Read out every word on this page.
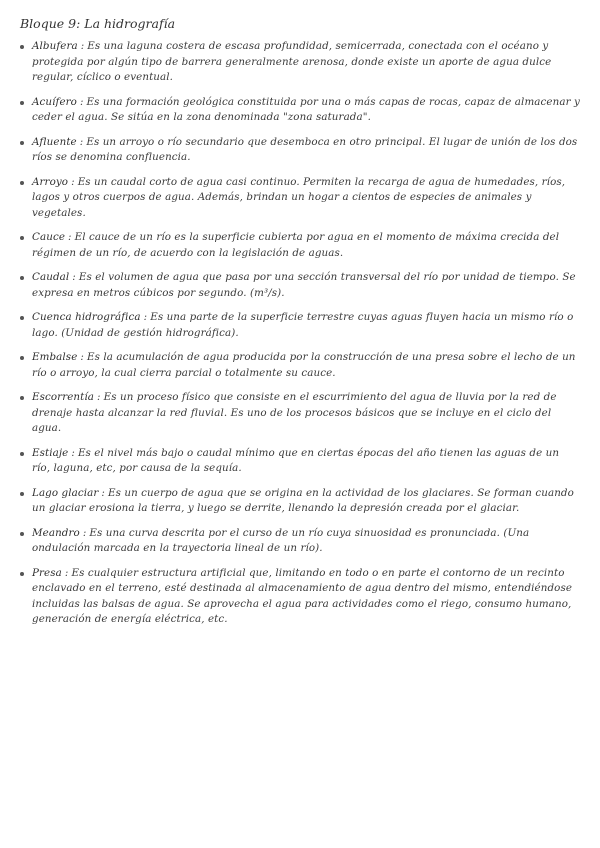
Bloque 9: La hidrografía
Albufera : Es una laguna costera de escasa profundidad, semicerrada, conectada con el océano y protegida por algún tipo de barrera generalmente arenosa, donde existe un aporte de agua dulce regular, cíclico o eventual.
Acuífero : Es una formación geológica constituida por una o más capas de rocas, capaz de almacenar y ceder el agua. Se sitúa en la zona denominada "zona saturada".
Afluente : Es un arroyo o río secundario que desemboca en otro principal. El lugar de unión de los dos ríos se denomina confluencia.
Arroyo : Es un caudal corto de agua casi continuo. Permiten la recarga de agua de humedades, ríos, lagos y otros cuerpos de agua. Además, brindan un hogar a cientos de especies de animales y vegetales.
Cauce : El cauce de un río es la superficie cubierta por agua en el momento de máxima crecida del régimen de un río, de acuerdo con la legislación de aguas.
Caudal : Es el volumen de agua que pasa por una sección transversal del río por unidad de tiempo. Se expresa en metros cúbicos por segundo. (m³/s).
Cuenca hidrográfica : Es una parte de la superficie terrestre cuyas aguas fluyen hacia un mismo río o lago. (Unidad de gestión hidrográfica).
Embalse : Es la acumulación de agua producida por la construcción de una presa sobre el lecho de un río o arroyo, la cual cierra parcial o totalmente su cauce.
Escorrentía : Es un proceso físico que consiste en el escurrimiento del agua de lluvia por la red de drenaje hasta alcanzar la red fluvial. Es uno de los procesos básicos que se incluye en el ciclo del agua.
Estiaje : Es el nivel más bajo o caudal mínimo que en ciertas épocas del año tienen las aguas de un río, laguna, etc, por causa de la sequía.
Lago glaciar : Es un cuerpo de agua que se origina en la actividad de los glaciares. Se forman cuando un glaciar erosiona la tierra, y luego se derrite, llenando la depresión creada por el glaciar.
Meandro : Es una curva descrita por el curso de un río cuya sinuosidad es pronunciada. (Una ondulación marcada en la trayectoria lineal de un río).
Presa : Es cualquier estructura artificial que, limitando en todo o en parte el contorno de un recinto enclavado en el terreno, esté destinada al almacenamiento de agua dentro del mismo, entendiéndose incluidas las balsas de agua. Se aprovecha el agua para actividades como el riego, consumo humano, generación de energía eléctrica, etc.
